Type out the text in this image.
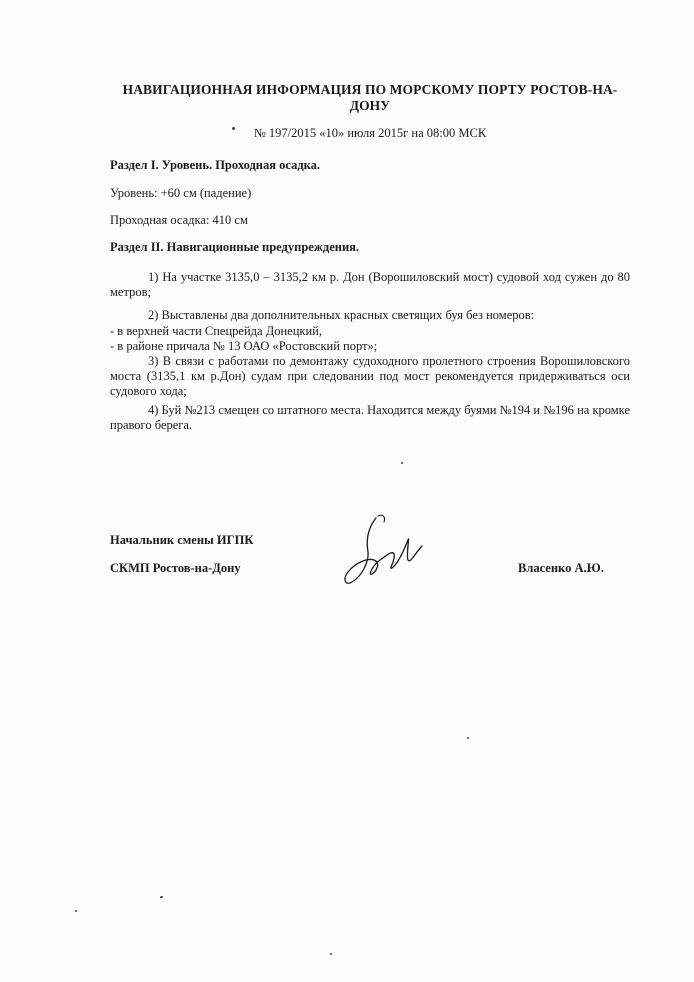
НАВИГАЦИОННАЯ ИНФОРМАЦИЯ ПО МОРСКОМУ ПОРТУ РОСТОВ-НА-ДОНУ
№ 197/2015 «10» июля 2015г на 08:00 МСК
Раздел I. Уровень. Проходная осадка.
Уровень: +60 см (падение)
Проходная осадка: 410 см
Раздел II. Навигационные предупреждения.
1) На участке 3135,0 – 3135,2 км р. Дон (Ворошиловский мост) судовой ход сужен до 80 метров;
2) Выставлены два дополнительных красных светящих буя без номеров:
- в верхней части Спецрейда Донецкий,
- в районе причала № 13 ОАО «Ростовский порт»;
3) В связи с работами по демонтажу судоходного пролетного строения Ворошиловского моста (3135,1 км р.Дон) судам при следовании под мост рекомендуется придерживаться оси судового хода;
4) Буй №213 смещен со штатного места. Находится между буями №194 и №196 на кромке правого берега.
Начальник смены ИГПК
СКМП Ростов-на-Дону	Власенко А.Ю.
